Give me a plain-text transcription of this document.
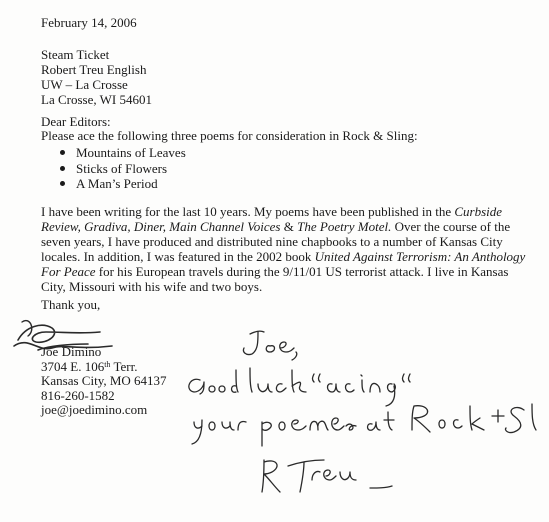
February 14, 2006
Steam Ticket
Robert Treu English
UW – La Crosse
La Crosse, WI 54601
Dear Editors:
Please ace the following three poems for consideration in Rock & Sling:
Mountains of Leaves
Sticks of Flowers
A Man’s Period

I have been writing for the last 10 years. My poems have been published in the Curbside Review, Gradiva, Diner, Main Channel Voices & The Poetry Motel. Over the course of the seven years, I have produced and distributed nine chapbooks to a number of Kansas City locales. In addition, I was featured in the 2002 book United Against Terrorism: An Anthology For Peace for his European travels during the 9/11/01 US terrorist attack. I live in Kansas City, Missouri with his wife and two boys.

Thank you,
Joe Dimino
3704 E. 106th Terr.
Kansas City, MO 64137
816-260-1582
joe@joedimino.com
